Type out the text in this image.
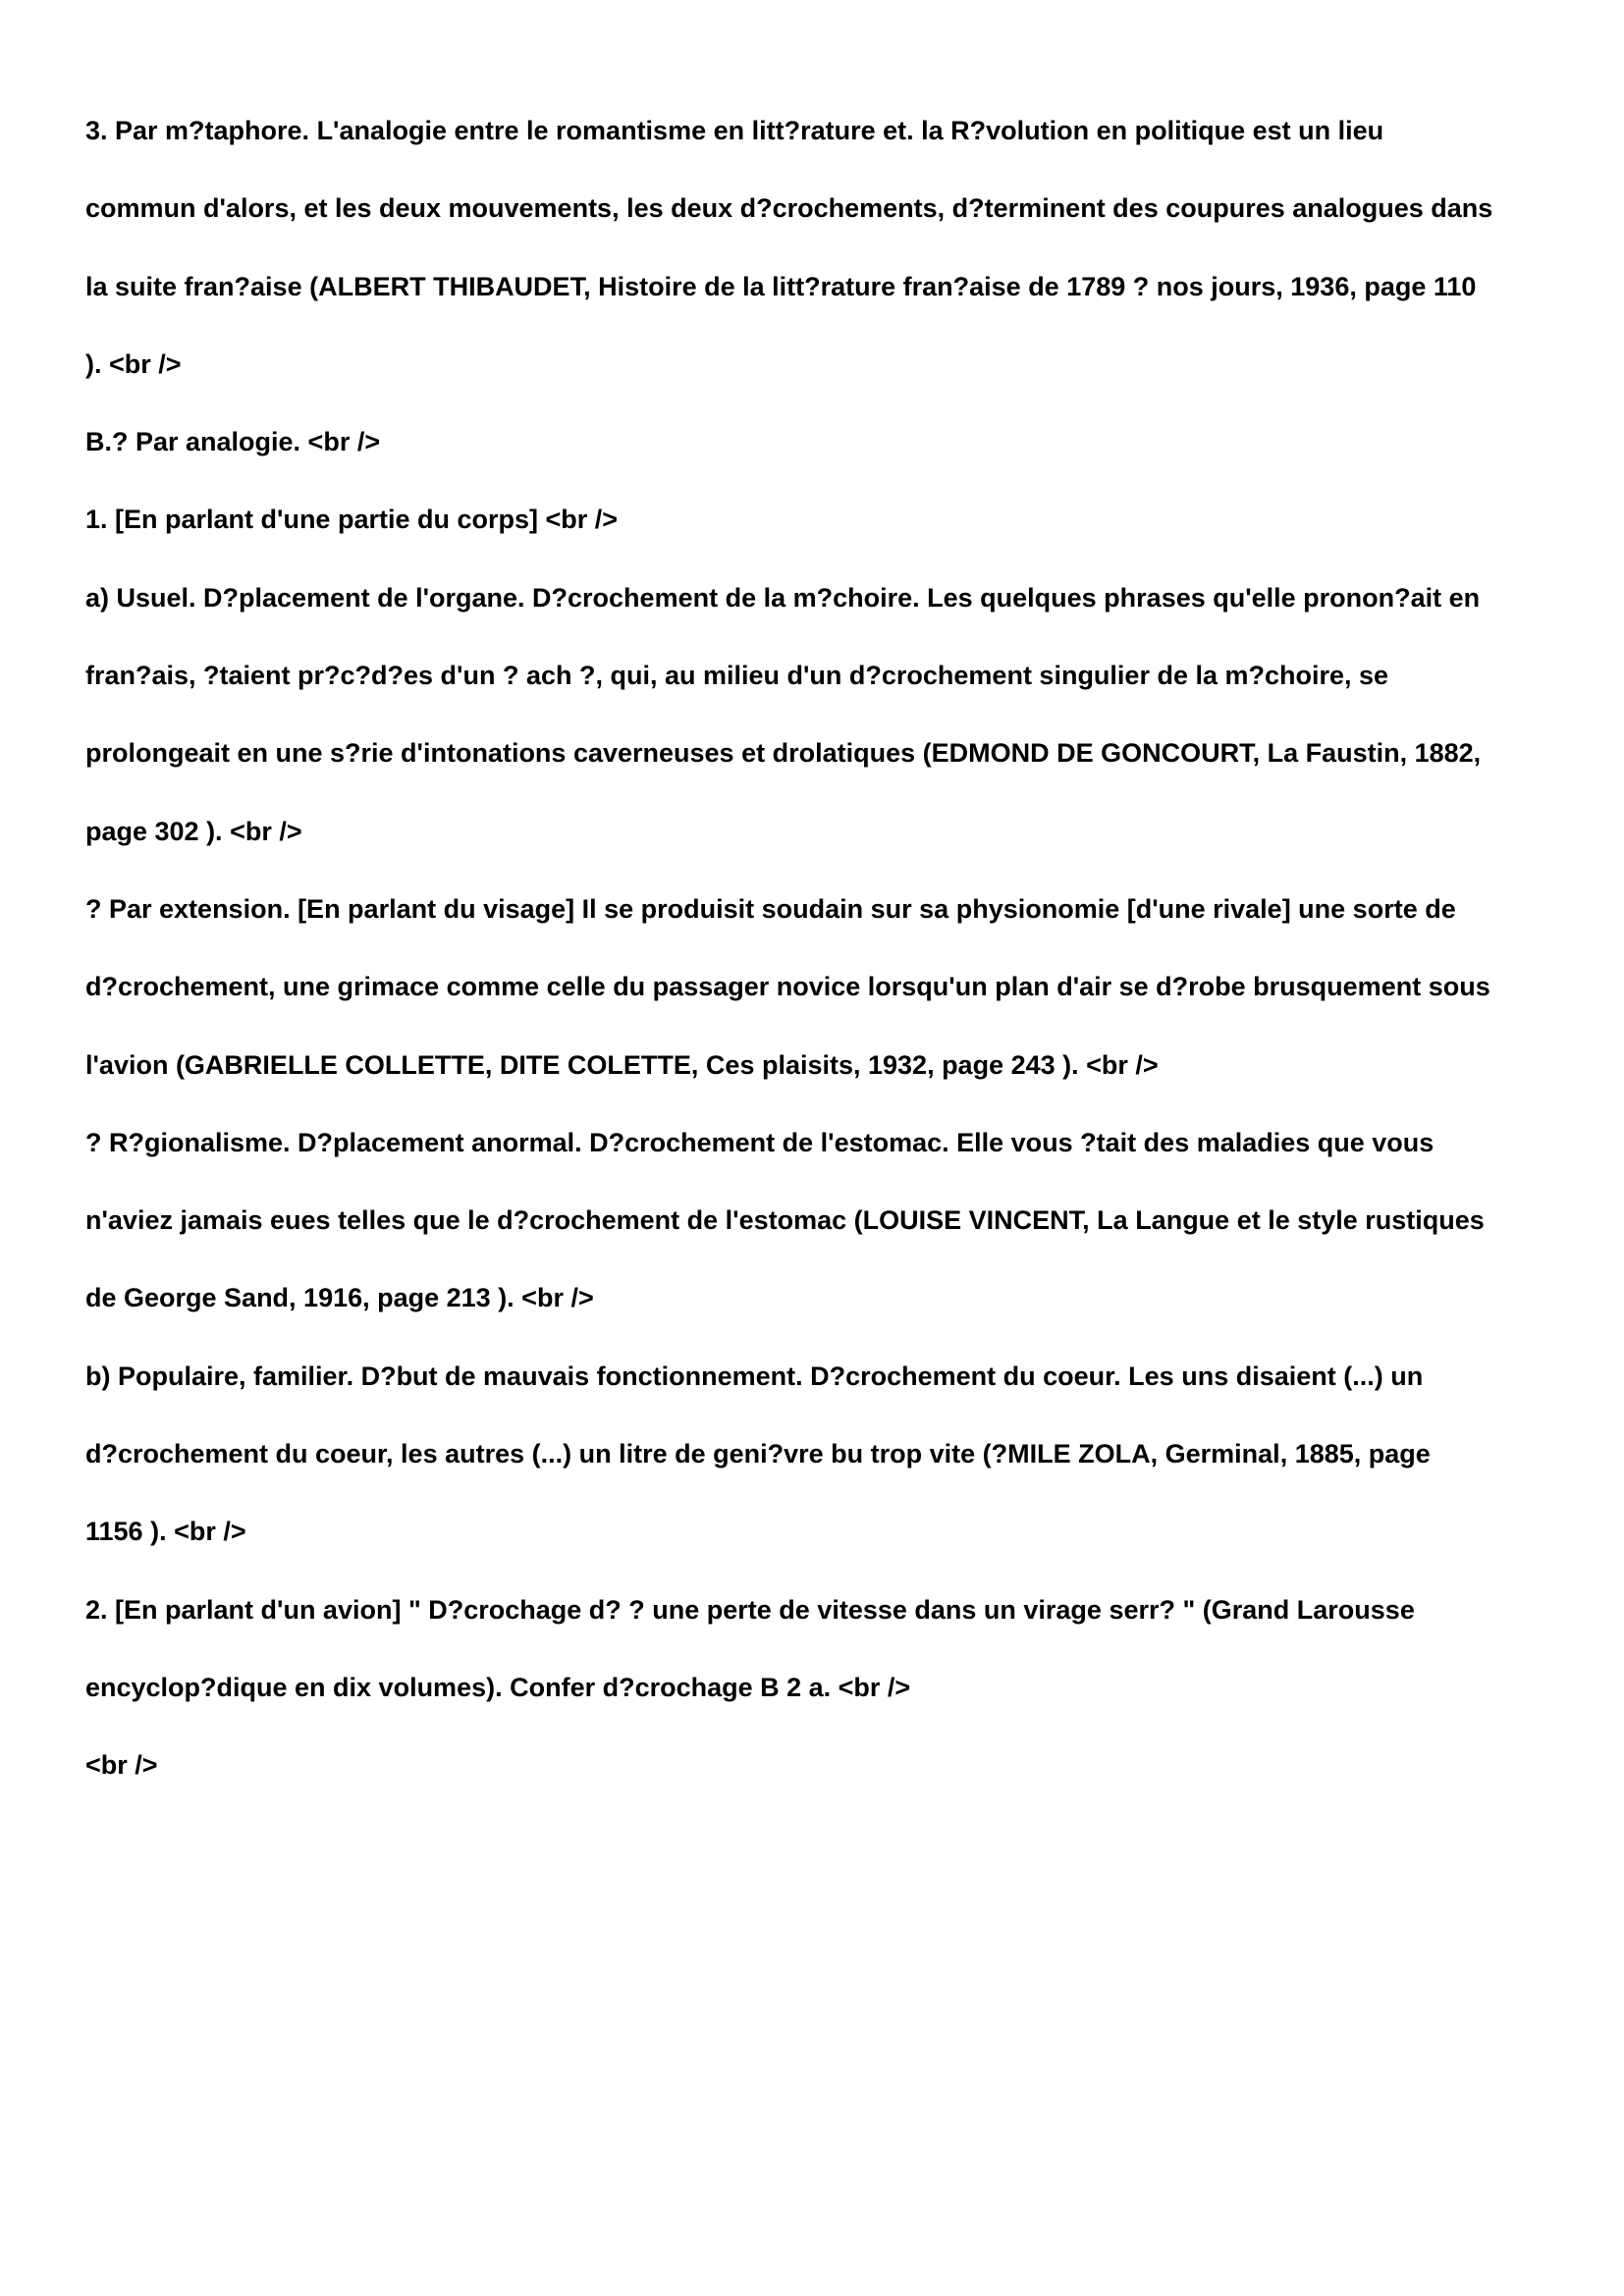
3. Par m?taphore. L'analogie entre le romantisme en litt?rature et. la R?volution en politique est un lieu
commun d'alors, et les deux mouvements, les deux d?crochements, d?terminent des coupures analogues dans
la suite fran?aise (ALBERT THIBAUDET, Histoire de la litt?rature fran?aise de 1789 ? nos jours, 1936, page 110
). <br />
B.? Par analogie. <br />
1. [En parlant d'une partie du corps] <br />
a) Usuel. D?placement de l'organe. D?crochement de la m?choire. Les quelques phrases qu'elle pronon?ait en
fran?ais, ?taient pr?c?d?es d'un ? ach ?, qui, au milieu d'un d?crochement singulier de la m?choire, se
prolongeait en une s?rie d'intonations caverneuses et drolatiques (EDMOND DE GONCOURT, La Faustin, 1882,
page 302 ). <br />
? Par extension. [En parlant du visage] Il se produisit soudain sur sa physionomie [d'une rivale] une sorte de
d?crochement, une grimace comme celle du passager novice lorsqu'un plan d'air se d?robe brusquement sous
l'avion (GABRIELLE COLLETTE, DITE COLETTE, Ces plaisits, 1932, page 243 ). <br />
? R?gionalisme. D?placement anormal. D?crochement de l'estomac. Elle vous ?tait des maladies que vous
n'aviez jamais eues telles que le d?crochement de l'estomac (LOUISE VINCENT, La Langue et le style rustiques
de George Sand, 1916, page 213 ). <br />
b) Populaire, familier. D?but de mauvais fonctionnement. D?crochement du coeur. Les uns disaient (...) un
d?crochement du coeur, les autres (...) un litre de geni?vre bu trop vite (?MILE ZOLA, Germinal, 1885, page
1156 ). <br />
2. [En parlant d'un avion] " D?crochage d? ? une perte de vitesse dans un virage serr? " (Grand Larousse
encyclop?dique en dix volumes). Confer d?crochage B 2 a. <br />
<br />
